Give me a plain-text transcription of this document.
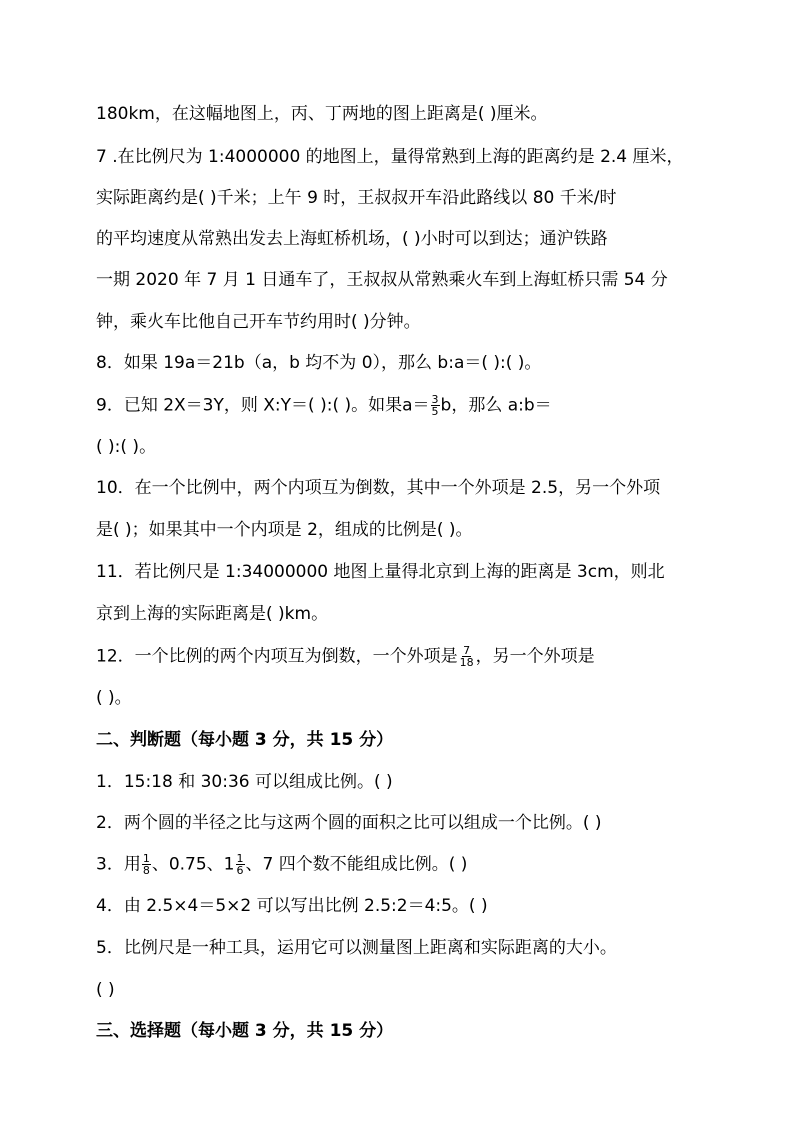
180km，在这幅地图上，丙、丁两地的图上距离是( )厘米。
7 .在比例尺为 1:4000000 的地图上，量得常熟到上海的距离约是 2.4 厘米，
实际距离约是( )千米；上午 9 时，王叔叔开车沿此路线以 80 千米/时
的平均速度从常熟出发去上海虹桥机场，( )小时可以到达；通沪铁路
一期 2020 年 7 月 1 日通车了，王叔叔从常熟乘火车到上海虹桥只需 54 分
钟，乘火车比他自己开车节约用时( )分钟。
8．如果 19a＝21b（a，b 均不为 0），那么 b:a＝( ):( )。
9．已知 2X＝3Y，则 X:Y＝( ):( )。如果$a= \frac{3}{5}$ b，那么 a:b＝
( ):( )。
10．在一个比例中，两个内项互为倒数，其中一个外项是 2.5，另一个外项
是( )；如果其中一个内项是 2，组成的比例是( )。
11．若比例尺是 1:34000000 地图上量得北京到上海的距离是 3cm，则北
京到上海的实际距离是( )km。
12．一个比例的两个内项互为倒数，一个外项是 $\frac{7}{18}$ ，另一个外项是
( )。
二、判断题（每小题 3 分，共 15 分）
1．15:18 和 30:36 可以组成比例。( )
2．两个圆的半径之比与这两个圆的面积之比可以组成一个比例。( )
3．用 $\frac{1}{8}$ 、0.75、$1 \frac{1}{6}$ 、7 四个数不能组成比例。( )
4．由 2.5×4＝5×2 可以写出比例 2.5:2＝4:5。( )
5．比例尺是一种工具，运用它可以测量图上距离和实际距离的大小。
( )
三、选择题（每小题 3 分，共 15 分）
